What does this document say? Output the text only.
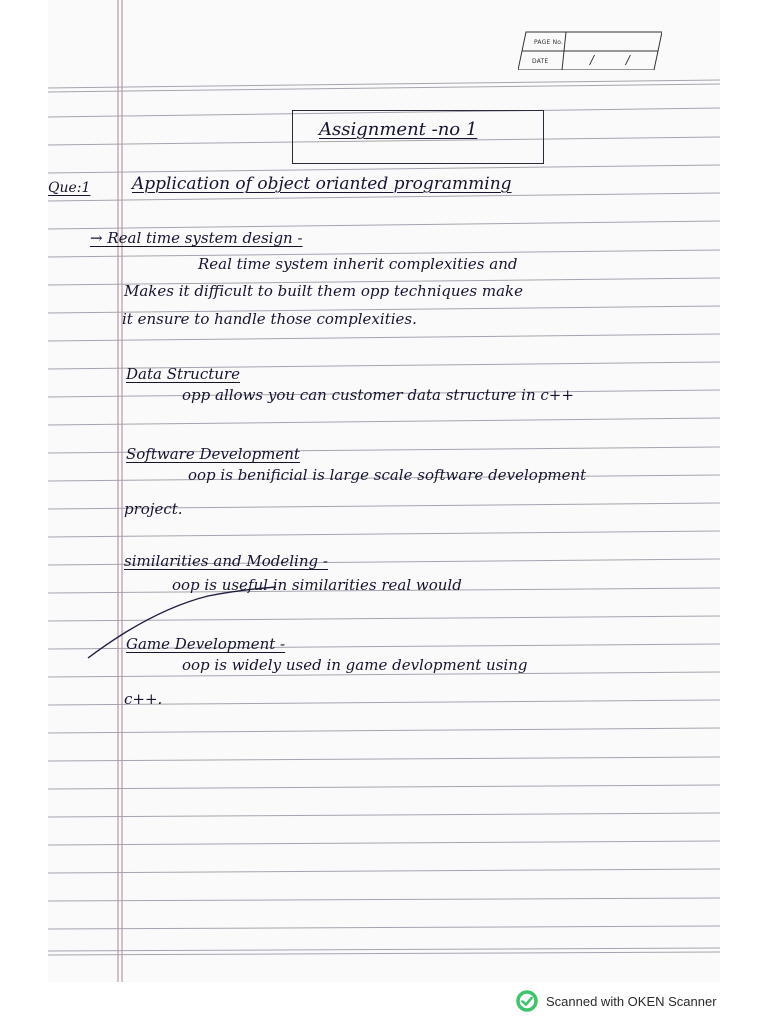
PAGE No.
DATE	/ /
Assignment -no 1
Que:1 Application of object orianted programming
→ Real time system design -
Real time system inherit complexities and
Makes it difficult to built them opp techniques make
it ensure to handle those complexities.
Data Structure
opp allows you can customer data structure in c++
Software Development
oop is benificial is large scale software development
project.
similarities and Modeling -
oop is useful in similarities real would
Game Development -
oop is widely used in game devlopment using
c++.
Scanned with OKEN Scanner
